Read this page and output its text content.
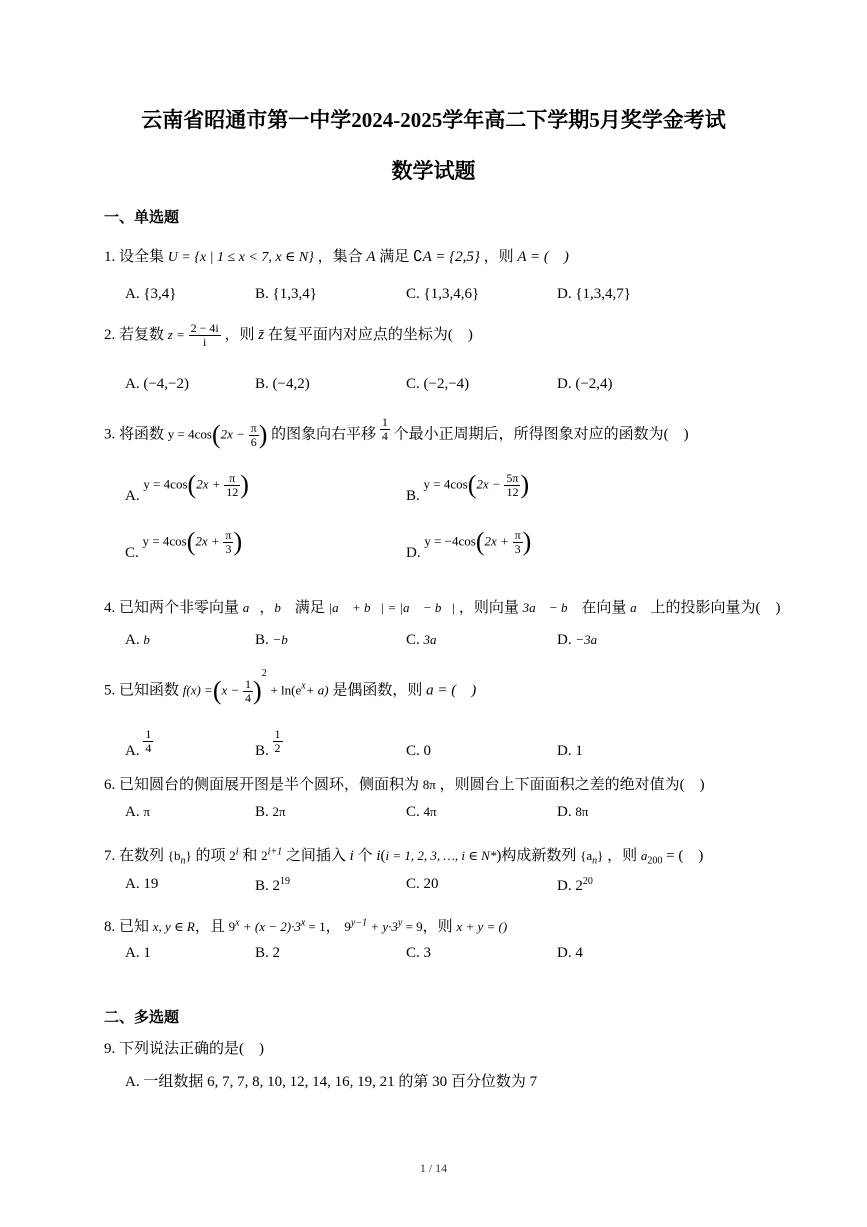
云南省昭通市第一中学2024-2025学年高二下学期5月奖学金考试
数学试题
一、单选题
1. 设全集 U = {x | 1 ≤ x < 7, x ∈ N} ，集合 A 满足 ∁A = {2,5} ，则 A = (　)
A. {3,4}	B. {1,3,4}	C. {1,3,4,6}	D. {1,3,4,7}
2. 若复数 $z = \frac{2 - 4i}{i}$ ，则 z̄ 在复平面内对应点的坐标为(　)
A. (−4,−2)	B. (−4,2)	C. (−2,−4)	D. (−2,4)
3. 将函数 $y = 4\cos(2x - \frac{\pi}{6}$ ) 的图象向右平移 $\frac{1}{4}$ 个最小正周期后，所得图象对应的函数为(　)
A. $y = 4\cos(2x + \frac{\pi}{12}$ )	B. $y = 4\cos(2x - \frac{5\pi}{12}$ )
C. $y = 4\cos(2x + \frac{\pi}{3}$ )	D. $y = -4\cos(2x + \frac{\pi}{3}$ )
4. 已知两个非零向量 a⃗，b⃗ 满足 |a⃗ + b⃗| = |a⃗ − b⃗| ，则向量 3a⃗ − b⃗ 在向量 a⃗ 上的投影向量为(　)
A. b⃗	B. −b⃗	C. 3a⃗	D. −3a⃗
5. 已知函数 $f(x) =(x - \frac{1}{4} )^2 + \ln(e^x+ a)$ 是偶函数，则 a = (　)
A. $\frac{1}{4}$	B. $\frac{1}{2}$	C. 0	D. 1
6. 已知圆台的侧面展开图是半个圆环，侧面积为 8π ，则圆台上下面面积之差的绝对值为(　)
A. π	B. 2π	C. 4π	D. 8π
7. 在数列 $\{b_n\}$ 的项 2$^i$ 和 $2^{i+1}$ 之间插入 i 个 i(i = 1, 2, 3, …, i ∈ N*)构成新数列 $\{a_n\}$ ，则 $a_{200}$ = (　)
A. 19	B. $2^{19}$	C. 20	D. $2^{20}$
8. 已知 x, y ∈ R，且 $9^x + (x - 2)\cdot 3^x = 1$， $9^{y-1} + y\cdot 3^y = 9$，则 x + y = ()
A. 1	B. 2	C. 3	D. 4
二、多选题
9. 下列说法正确的是(　)
A. 一组数据 6, 7, 7, 8, 10, 12, 14, 16, 19, 21 的第 30 百分位数为 7
1 / 14
